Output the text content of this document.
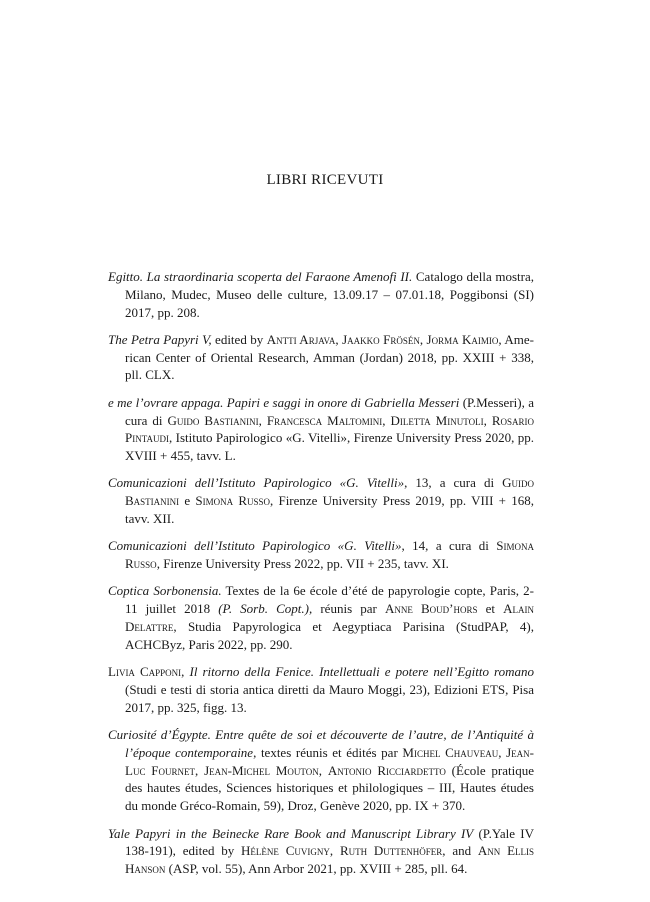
LIBRI RICEVUTI

Egitto. La straordinaria scoperta del Faraone Amenofi II. Catalogo della mostra, Milano, Mudec, Museo delle culture, 13.09.17 – 07.01.18, Poggibonsi (SI) 2017, pp. 208.

The Petra Papyri V, edited by Antti Arjava, Jaakko Frösén, Jorma Kaimio, American Center of Oriental Research, Amman (Jordan) 2018, pp. XXIII + 338, pll. CLX.

e me l’ovrare appaga. Papiri e saggi in onore di Gabriella Messeri (P.Messeri), a cura di Guido Bastianini, Francesca Maltomini, Diletta Minutoli, Rosario Pintaudi, Istituto Papirologico «G. Vitelli», Firenze University Press 2020, pp. XVIII + 455, tavv. L.

Comunicazioni dell’Istituto Papirologico «G. Vitelli», 13, a cura di Guido Bastianini e Simona Russo, Firenze University Press 2019, pp. VIII + 168, tavv. XII.

Comunicazioni dell’Istituto Papirologico «G. Vitelli», 14, a cura di Simona Russo, Firenze University Press 2022, pp. VII + 235, tavv. XI.

Coptica Sorbonensia. Textes de la 6e école d’été de papyrologie copte, Paris, 2-11 juillet 2018 (P. Sorb. Copt.), réunis par Anne Boud’hors et Alain Delattre, Studia Papyrologica et Aegyptiaca Parisina (StudPAP, 4), ACHCByz, Paris 2022, pp. 290.

Livia Capponi, Il ritorno della Fenice. Intellettuali e potere nell’Egitto romano (Studi e testi di storia antica diretti da Mauro Moggi, 23), Edizioni ETS, Pisa 2017, pp. 325, figg. 13.

Curiosité d’Égypte. Entre quête de soi et découverte de l’autre, de l’Antiquité à l’époque contemporaine, textes réunis et édités par Michel Chauveau, Jean-Luc Fournet, Jean-Michel Mouton, Antonio Ricciardetto (École pratique des hautes études, Sciences historiques et philologiques – III, Hautes études du monde Gréco-Romain, 59), Droz, Genève 2020, pp. IX + 370.

Yale Papyri in the Beinecke Rare Book and Manuscript Library IV (P.Yale IV 138-191), edited by Hélène Cuvigny, Ruth Duttenhöfer, and Ann Ellis Hanson (ASP, vol. 55), Ann Arbor 2021, pp. XVIII + 285, pll. 64.
